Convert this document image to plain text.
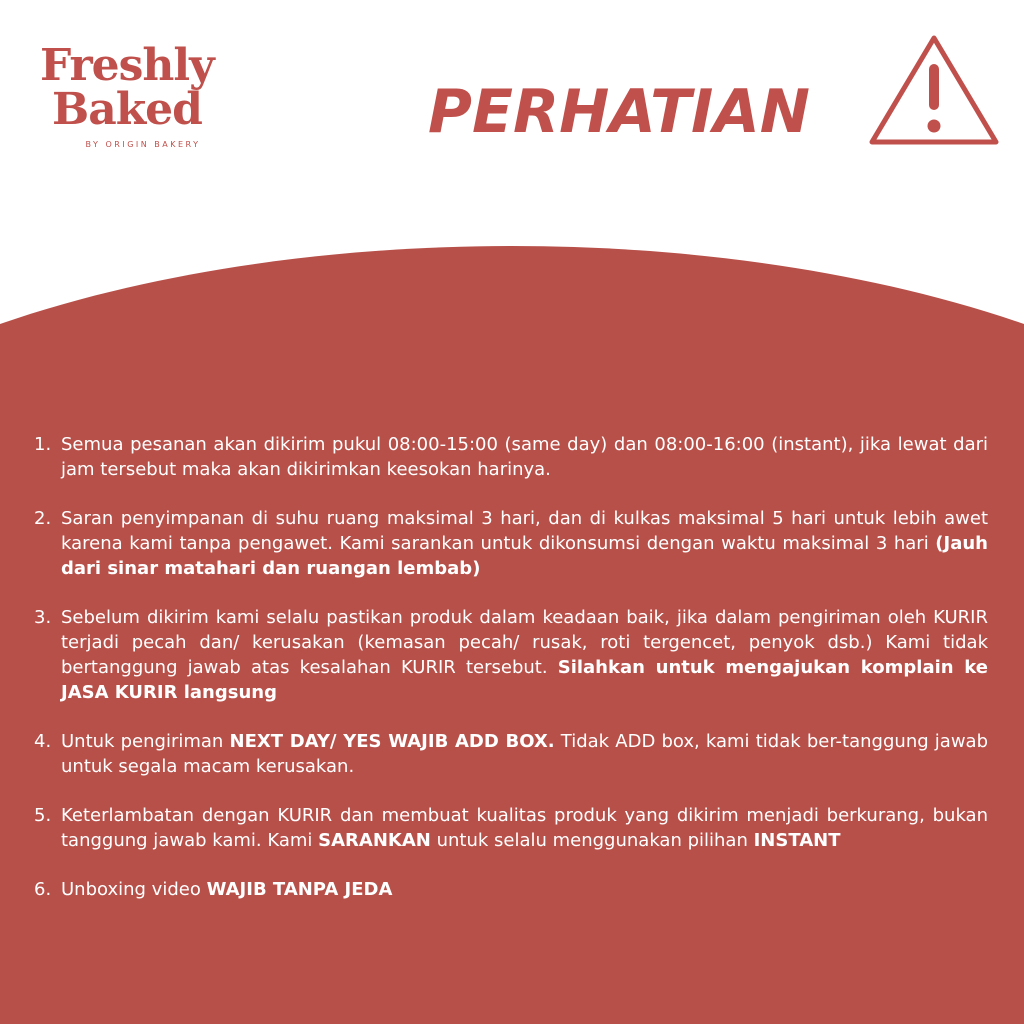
Freshly
Baked
BY ORIGIN BAKERY	PERHATIAN
1. Semua pesanan akan dikirim pukul 08:00-15:00 (same day) dan 08:00-16:00 (instant), jika lewat dari jam tersebut maka akan dikirimkan keesokan harinya.
2. Saran penyimpanan di suhu ruang maksimal 3 hari, dan di kulkas maksimal 5 hari untuk lebih awet karena kami tanpa pengawet. Kami sarankan untuk dikonsumsi dengan waktu maksimal 3 hari (Jauh dari sinar matahari dan ruangan lembab)
3. Sebelum dikirim kami selalu pastikan produk dalam keadaan baik, jika dalam pengiriman oleh KURIR terjadi pecah dan/ kerusakan (kemasan pecah/ rusak, roti tergencet, penyok dsb.) Kami tidak bertanggung jawab atas kesalahan KURIR tersebut. Silahkan untuk mengajukan komplain ke JASA KURIR langsung
4. Untuk pengiriman NEXT DAY/ YES WAJIB ADD BOX. Tidak ADD box, kami tidak ber-tanggung jawab untuk segala macam kerusakan.
5. Keterlambatan dengan KURIR dan membuat kualitas produk yang dikirim menjadi berkurang, bukan tanggung jawab kami. Kami SARANKAN untuk selalu menggunakan pilihan INSTANT
6. Unboxing video WAJIB TANPA JEDA
